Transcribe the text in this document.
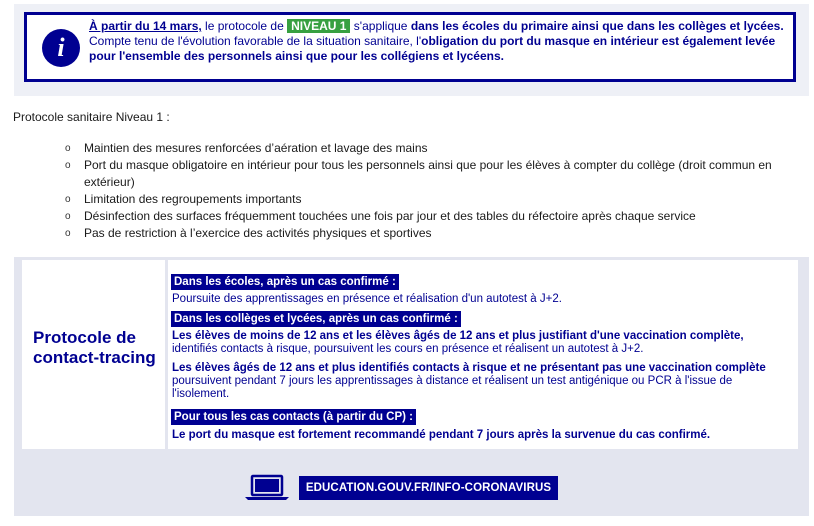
i
À partir du 14 mars, le protocole de NIVEAU 1 s'applique dans les écoles du primaire ainsi que dans les collèges et lycées. Compte tenu de l'évolution favorable de la situation sanitaire, l'obligation du port du masque en intérieur est également levée pour l'ensemble des personnels ainsi que pour les collégiens et lycéens.
Protocole sanitaire Niveau 1 :
o Maintien des mesures renforcées d’aération et lavage des mains
o Port du masque obligatoire en intérieur pour tous les personnels ainsi que pour les élèves à compter du collège (droit commun en extérieur)
o Limitation des regroupements importants
o Désinfection des surfaces fréquemment touchées une fois par jour et des tables du réfectoire après chaque service
o Pas de restriction à l’exercice des activités physiques et sportives
Protocole de contact-tracing
Dans les écoles, après un cas confirmé :
Poursuite des apprentissages en présence et réalisation d'un autotest à J+2.
Dans les collèges et lycées, après un cas confirmé :
Les élèves de moins de 12 ans et les élèves âgés de 12 ans et plus justifiant d'une vaccination complète, identifiés contacts à risque, poursuivent les cours en présence et réalisent un autotest à J+2.
Les élèves âgés de 12 ans et plus identifiés contacts à risque et ne présentant pas une vaccination complète poursuivent pendant 7 jours les apprentissages à distance et réalisent un test antigénique ou PCR à l'issue de l'isolement.
Pour tous les cas contacts (à partir du CP) :
Le port du masque est fortement recommandé pendant 7 jours après la survenue du cas confirmé.
EDUCATION.GOUV.FR/INFO-CORONAVIRUS
